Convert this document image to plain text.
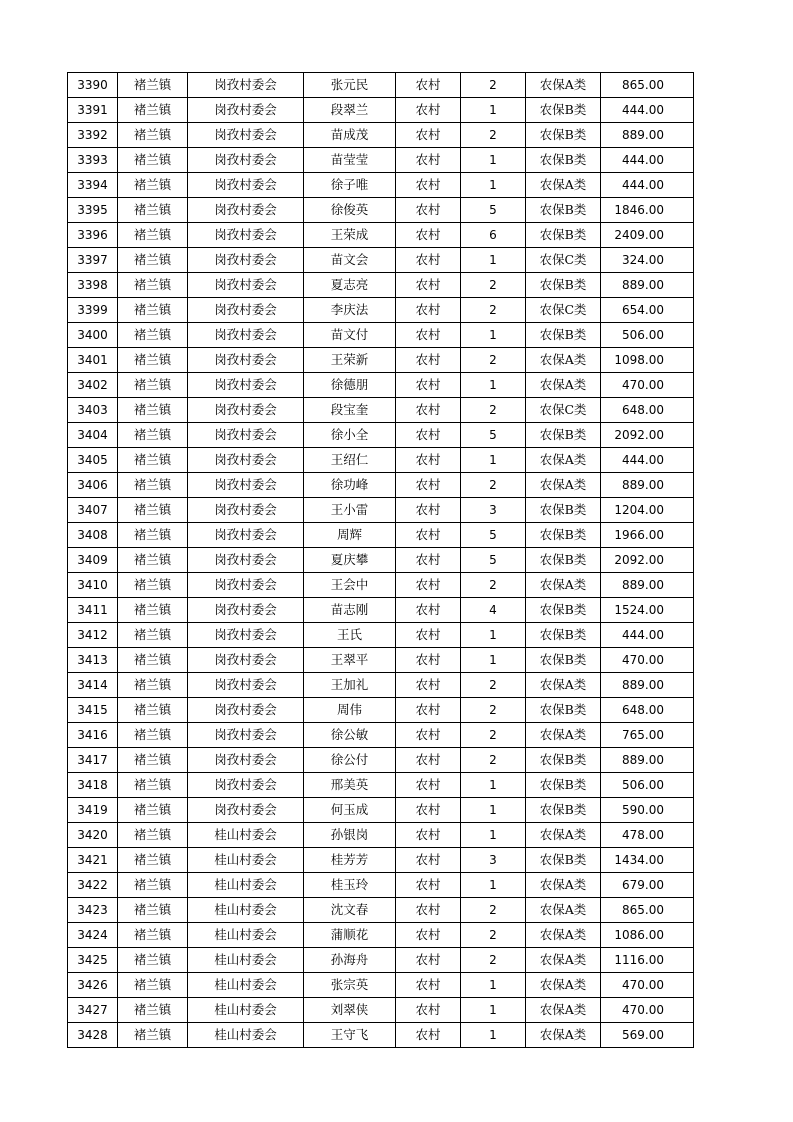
3390	褚兰镇	岗孜村委会	张元民	农村	2	农保A类	865.00
3391	褚兰镇	岗孜村委会	段翠兰	农村	1	农保B类	444.00
3392	褚兰镇	岗孜村委会	苗成茂	农村	2	农保B类	889.00
3393	褚兰镇	岗孜村委会	苗莹莹	农村	1	农保B类	444.00
3394	褚兰镇	岗孜村委会	徐子唯	农村	1	农保A类	444.00
3395	褚兰镇	岗孜村委会	徐俊英	农村	5	农保B类	1846.00
3396	褚兰镇	岗孜村委会	王荣成	农村	6	农保B类	2409.00
3397	褚兰镇	岗孜村委会	苗文会	农村	1	农保C类	324.00
3398	褚兰镇	岗孜村委会	夏志亮	农村	2	农保B类	889.00
3399	褚兰镇	岗孜村委会	李庆法	农村	2	农保C类	654.00
3400	褚兰镇	岗孜村委会	苗文付	农村	1	农保B类	506.00
3401	褚兰镇	岗孜村委会	王荣新	农村	2	农保A类	1098.00
3402	褚兰镇	岗孜村委会	徐德朋	农村	1	农保A类	470.00
3403	褚兰镇	岗孜村委会	段宝奎	农村	2	农保C类	648.00
3404	褚兰镇	岗孜村委会	徐小全	农村	5	农保B类	2092.00
3405	褚兰镇	岗孜村委会	王绍仁	农村	1	农保A类	444.00
3406	褚兰镇	岗孜村委会	徐功峰	农村	2	农保A类	889.00
3407	褚兰镇	岗孜村委会	王小雷	农村	3	农保B类	1204.00
3408	褚兰镇	岗孜村委会	周辉	农村	5	农保B类	1966.00
3409	褚兰镇	岗孜村委会	夏庆攀	农村	5	农保B类	2092.00
3410	褚兰镇	岗孜村委会	王会中	农村	2	农保A类	889.00
3411	褚兰镇	岗孜村委会	苗志刚	农村	4	农保B类	1524.00
3412	褚兰镇	岗孜村委会	王氏	农村	1	农保B类	444.00
3413	褚兰镇	岗孜村委会	王翠平	农村	1	农保B类	470.00
3414	褚兰镇	岗孜村委会	王加礼	农村	2	农保A类	889.00
3415	褚兰镇	岗孜村委会	周伟	农村	2	农保B类	648.00
3416	褚兰镇	岗孜村委会	徐公敏	农村	2	农保A类	765.00
3417	褚兰镇	岗孜村委会	徐公付	农村	2	农保B类	889.00
3418	褚兰镇	岗孜村委会	邢美英	农村	1	农保B类	506.00
3419	褚兰镇	岗孜村委会	何玉成	农村	1	农保B类	590.00
3420	褚兰镇	桂山村委会	孙银岗	农村	1	农保A类	478.00
3421	褚兰镇	桂山村委会	桂芳芳	农村	3	农保B类	1434.00
3422	褚兰镇	桂山村委会	桂玉玲	农村	1	农保A类	679.00
3423	褚兰镇	桂山村委会	沈文春	农村	2	农保A类	865.00
3424	褚兰镇	桂山村委会	蒲顺花	农村	2	农保A类	1086.00
3425	褚兰镇	桂山村委会	孙海舟	农村	2	农保A类	1116.00
3426	褚兰镇	桂山村委会	张宗英	农村	1	农保A类	470.00
3427	褚兰镇	桂山村委会	刘翠侠	农村	1	农保A类	470.00
3428	褚兰镇	桂山村委会	王守飞	农村	1	农保A类	569.00
